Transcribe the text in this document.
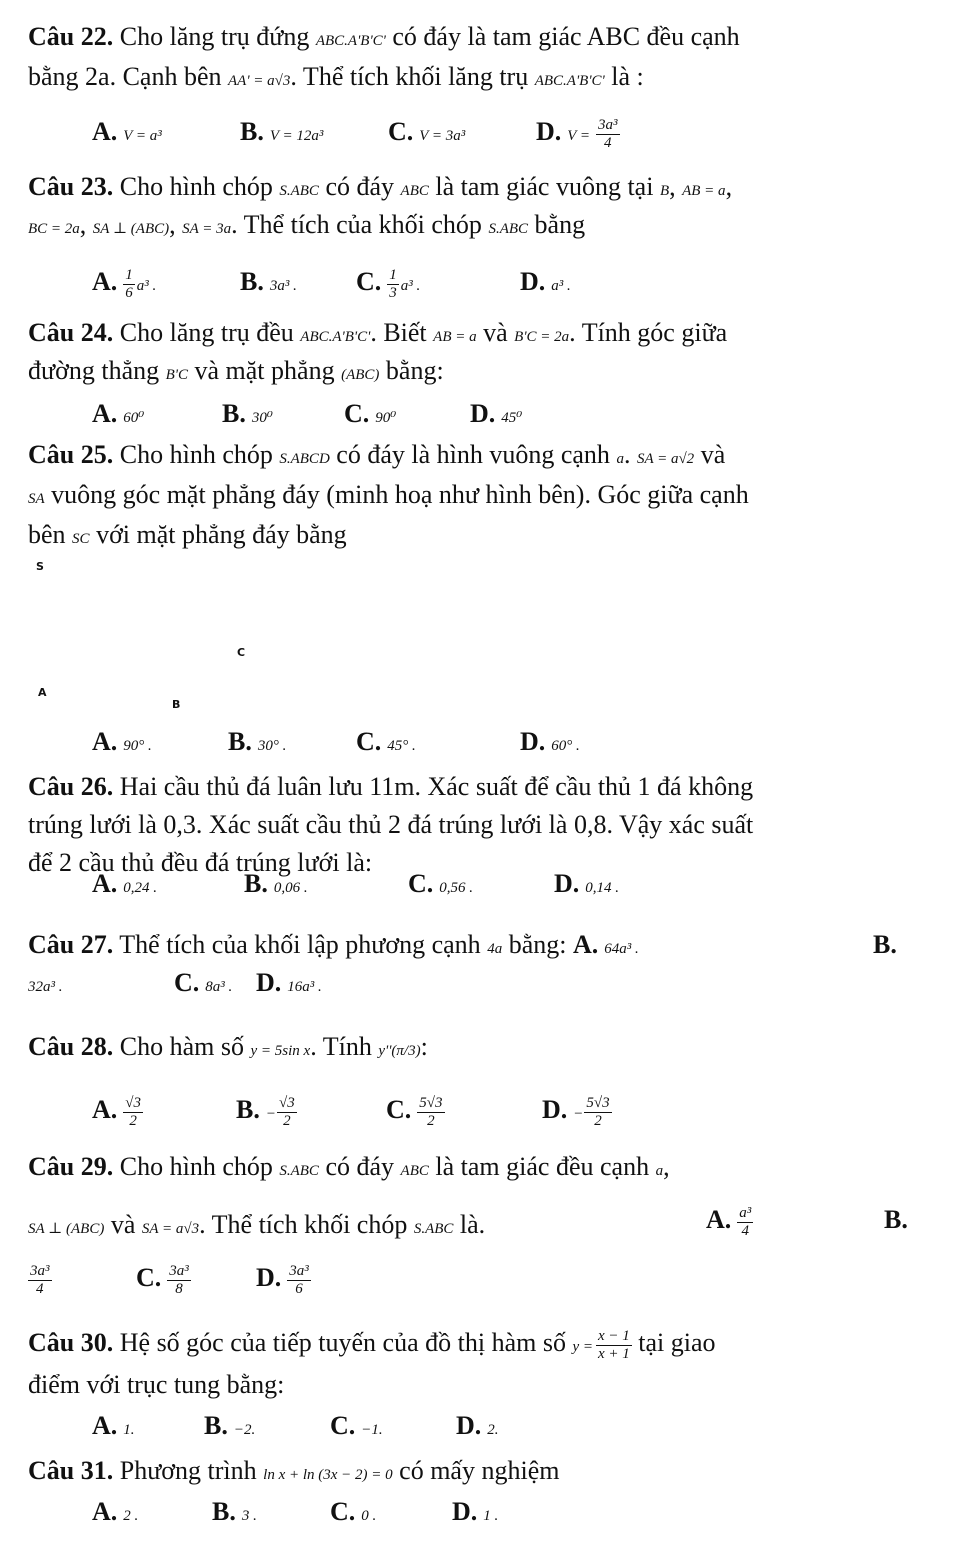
Câu 22. Cho lăng trụ đứng ABC.A'B'C' có đáy là tam giác ABC đều cạnh
bằng 2a. Cạnh bên AA' = a√3. Thể tích khối lăng trụ ABC.A'B'C' là :
A. V = a³	B. V = 12a³ C. V = 3a³	D. $V = \frac{\text{3a³}}{4}$
Câu 23. Cho hình chóp S.ABC có đáy ABC là tam giác vuông tại B, AB = a,
BC = 2a, SA ⊥ (ABC), SA = 3a. Thể tích của khối chóp S.ABC bằng
A. $\frac{1}{6} a^3$ .	B. 3a³ . C. $\frac{1}{3} a^3$ .	D. a³ .
Câu 24. Cho lăng trụ đều ABC.A'B'C'. Biết AB = a và B'C = 2a. Tính góc giữa
đường thẳng B'C và mặt phẳng (ABC) bằng:
A. 60⁰	B. 30⁰	C. 90⁰	D. 45⁰
Câu 25. Cho hình chóp S.ABCD có đáy là hình vuông cạnh a. SA = a√2 và
SA vuông góc mặt phẳng đáy (minh hoạ như hình bên). Góc giữa cạnh
bên SC với mặt phẳng đáy bằng
S
C
A
B
A. 90° .	B. 30° .	C. 45° .	D. 60° .
Câu 26. Hai cầu thủ đá luân lưu 11m. Xác suất để cầu thủ 1 đá không
trúng lưới là 0,3. Xác suất cầu thủ 2 đá trúng lưới là 0,8. Vậy xác suất
để 2 cầu thủ đều đá trúng lưới là:
A. 0,24 .	B. 0,06 .	C. 0,56 .	D. 0,14 .
Câu 27. Thể tích của khối lập phương cạnh 4a bằng: A. 64a³ .	B.
32a³ .	C. 8a³ . D. 16a³ .
Câu 28. Cho hàm số y = 5sin x. Tính y''(π/3):
A. $\frac{√3}{2}$	B. − $\frac{√3}{2}$	C. $\frac{5√3}{2}$	D. − $\frac{5√3}{2}$
Câu 29. Cho hình chóp S.ABC có đáy ABC là tam giác đều cạnh a,
SA ⊥ (ABC) và SA = a√3. Thể tích khối chóp S.ABC là.	A. $\frac{\text{a³}}{4}$	B.
$\frac{\text{3a³}}{4}$	C. $\frac{\text{3a³}}{8}$	D. $\frac{\text{3a³}}{6}$
Câu 30. Hệ số góc của tiếp tuyến của đồ thị hàm số $y = \frac{x - 1}{x + 1}$ tại giao
điểm với trục tung bằng:
A. 1.	B. −2.	C. −1.	D. 2.
Câu 31. Phương trình ln x + ln (3x − 2) = 0 có mấy nghiệm
A. 2 .	B. 3 .	C. 0 .	D. 1 .
